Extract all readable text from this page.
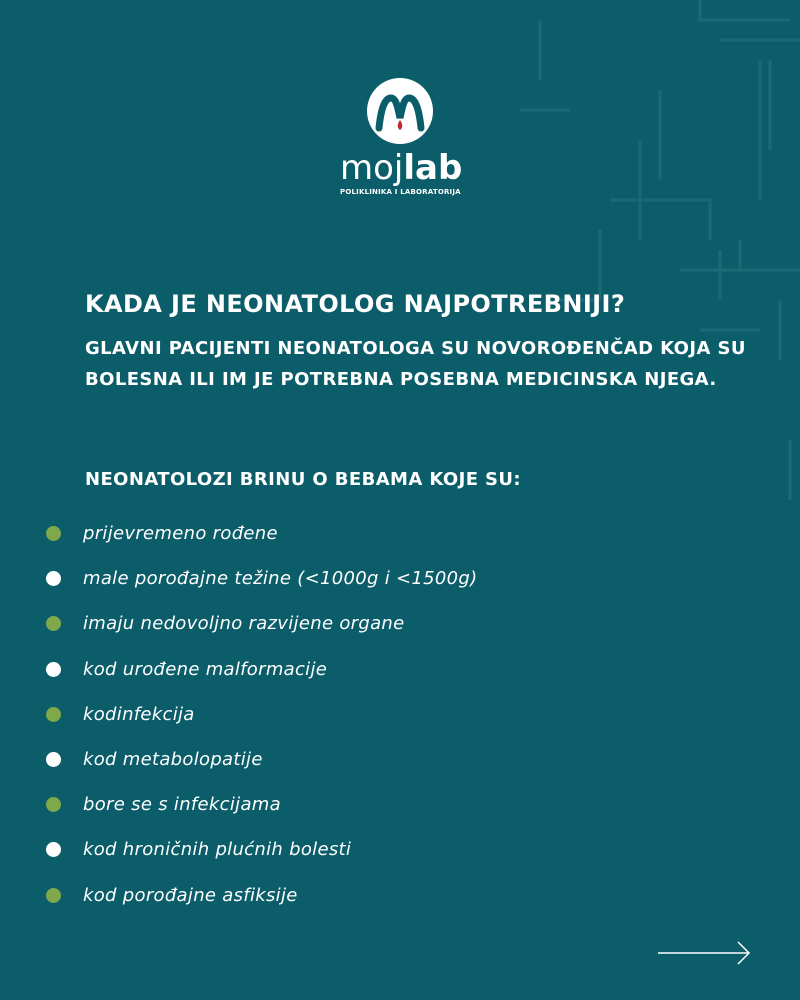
mojlab
POLIKLINIKA I LABORATORIJA
KADA JE NEONATOLOG NAJPOTREBNIJI?

GLAVNI PACIJENTI NEONATOLOGA SU NOVOROĐENČAD KOJA SU BOLESNA ILI IM JE POTREBNA POSEBNA MEDICINSKA NJEGA.

NEONATOLOZI BRINU O BEBAMA KOJE SU:
prijevremeno rođene
male porođajne težine (<1000g i <1500g)
imaju nedovoljno razvijene organe
kod urođene malformacije
kodinfekcija
kod metabolopatije
bore se s infekcijama
kod hroničnih plućnih bolesti
kod porođajne asfiksije
